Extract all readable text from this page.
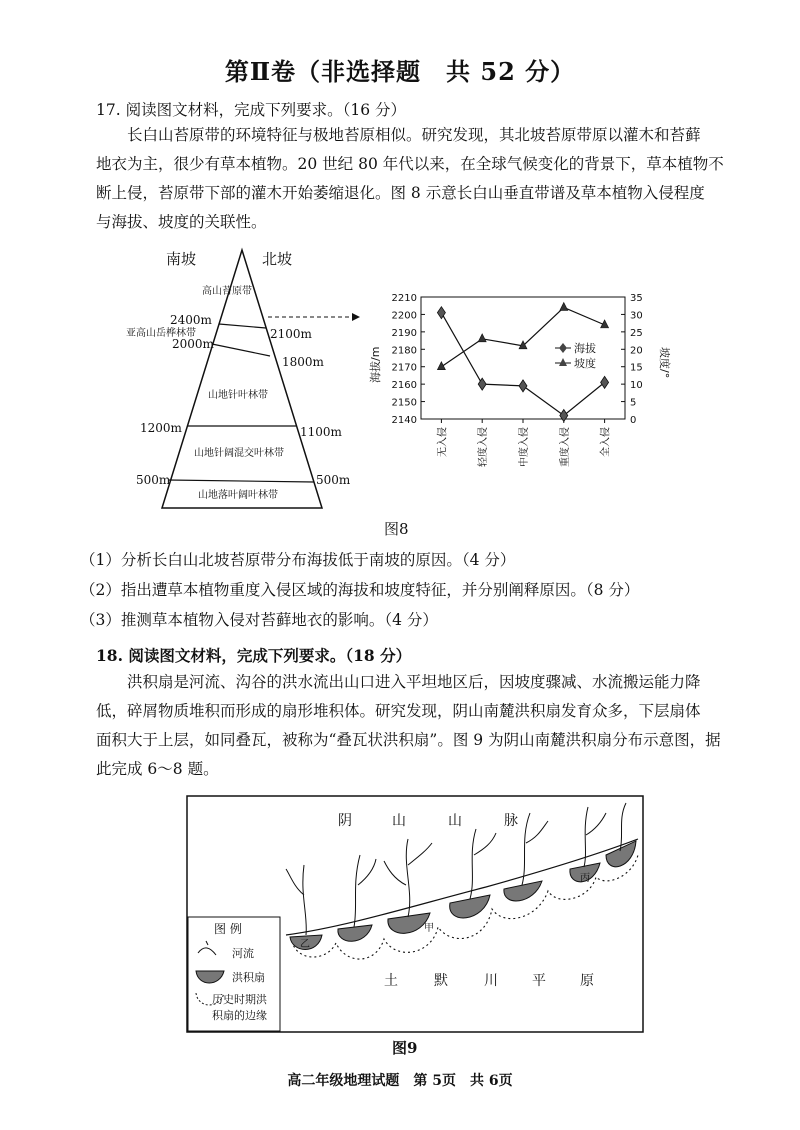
第Ⅱ卷（非选择题　共 52 分）
17. 阅读图文材料，完成下列要求。（16 分）
长白山苔原带的环境特征与极地苔原相似。研究发现，其北坡苔原带原以灌木和苔藓
地衣为主，很少有草本植物。20 世纪 80 年代以来，在全球气候变化的背景下，草本植物不
断上侵，苔原带下部的灌木开始萎缩退化。图 8 示意长白山垂直带谱及草本植物入侵程度
与海拔、坡度的关联性。
南坡	北坡
高山苔原带
亚高山岳桦林带
山地针叶林带
山地针阔混交叶林带
山地落叶阔叶林带
2400m
2000m
1200m
500m
2100m
1800m
1100m
500m
2140
2150
2160
2170
2180
2190
2200
2210
0
5
10
15
20
25
30
35
无入侵	轻度入侵	中度入侵	重度入侵	全入侵
海拔/m	坡度/°
海拔
坡度
图8
（1）分析长白山北坡苔原带分布海拔低于南坡的原因。（4 分）
（2）指出遭草本植物重度入侵区域的海拔和坡度特征，并分别阐释原因。（8 分）
（3）推测草本植物入侵对苔藓地衣的影响。（4 分）
18. 阅读图文材料，完成下列要求。（18 分）
洪积扇是河流、沟谷的洪水流出山口进入平坦地区后，因坡度骤减、水流搬运能力降
低，碎屑物质堆积而形成的扇形堆积体。研究发现，阴山南麓洪积扇发育众多，下层扇体
面积大于上层，如同叠瓦，被称为“叠瓦状洪积扇”。图 9 为阴山南麓洪积扇分布示意图，据
此完成 6～8 题。
阴	山	山	脉
土	默	川 平 原
乙
甲
丙
图 例
河流
洪积扇
历史时期洪
积扇的边缘
图9
高二年级地理试题　第 5页　共 6页
